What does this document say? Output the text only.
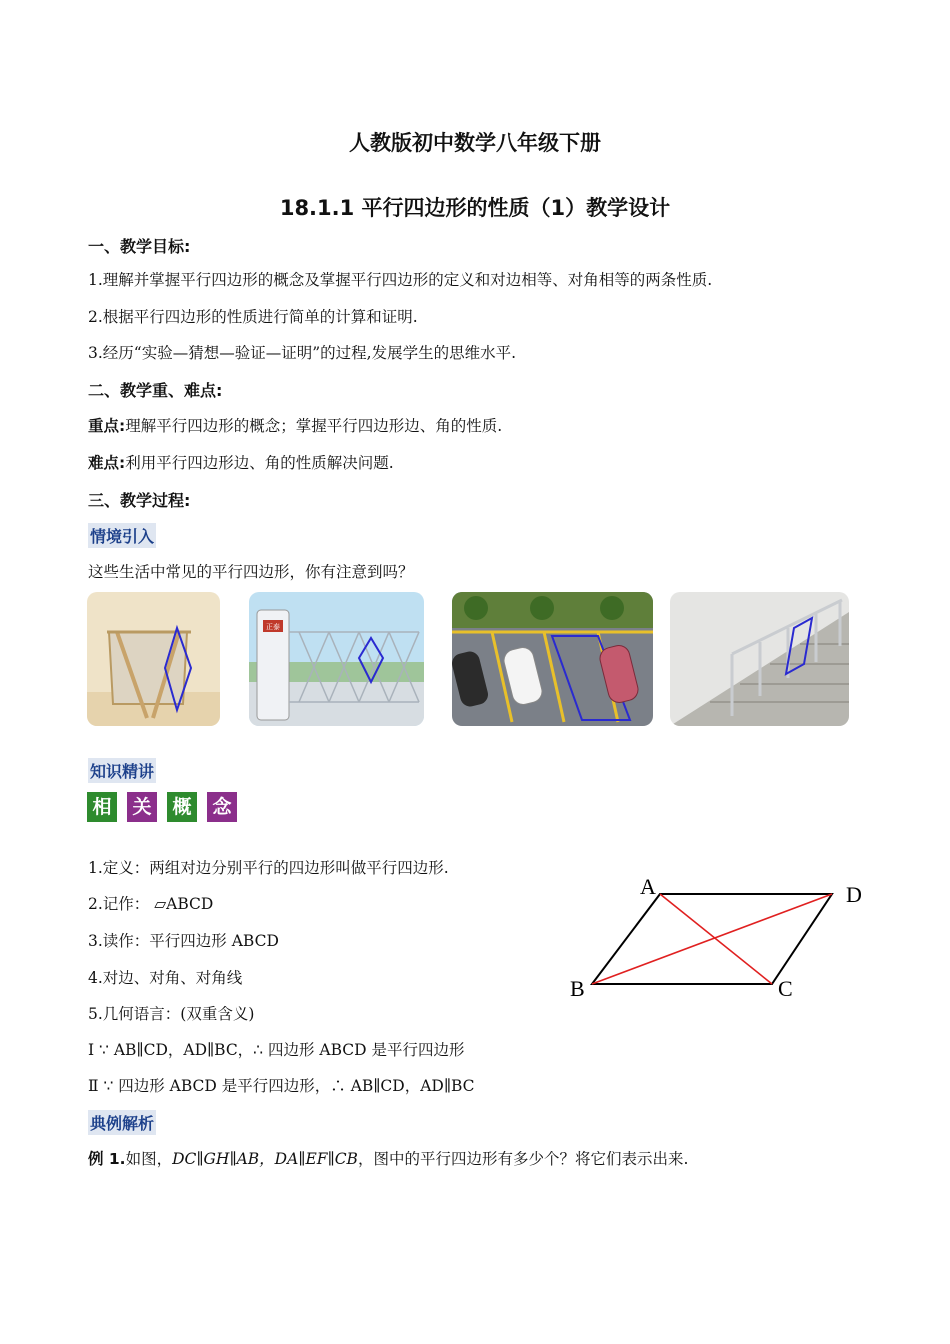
人教版初中数学八年级下册
18.1.1 平行四边形的性质（1）教学设计
一、教学目标:
1.理解并掌握平行四边形的概念及掌握平行四边形的定义和对边相等、对角相等的两条性质.
2.根据平行四边形的性质进行简单的计算和证明.
3.经历“实验—猜想—验证—证明”的过程,发展学生的思维水平.
二、教学重、难点:
重点:理解平行四边形的概念；掌握平行四边形边、角的性质.
难点:利用平行四边形边、角的性质解决问题.
三、教学过程:
情境引入
这些生活中常见的平行四边形，你有注意到吗？
正泰
知识精讲
相 关 概 念
1.定义：两组对边分别平行的四边形叫做平行四边形.
2.记作： ▱ABCD
3.读作：平行四边形 ABCD
4.对边、对角、对角线
5.几何语言：(双重含义)
Ⅰ ∵ AB∥CD，AD∥BC，∴ 四边形 ABCD 是平行四边形
Ⅱ ∵ 四边形 ABCD 是平行四边形，∴ AB∥CD，AD∥BC
A	D
B	C
典例解析
例 1.如图，DC∥GH∥AB，DA∥EF∥CB，图中的平行四边形有多少个？将它们表示出来.
